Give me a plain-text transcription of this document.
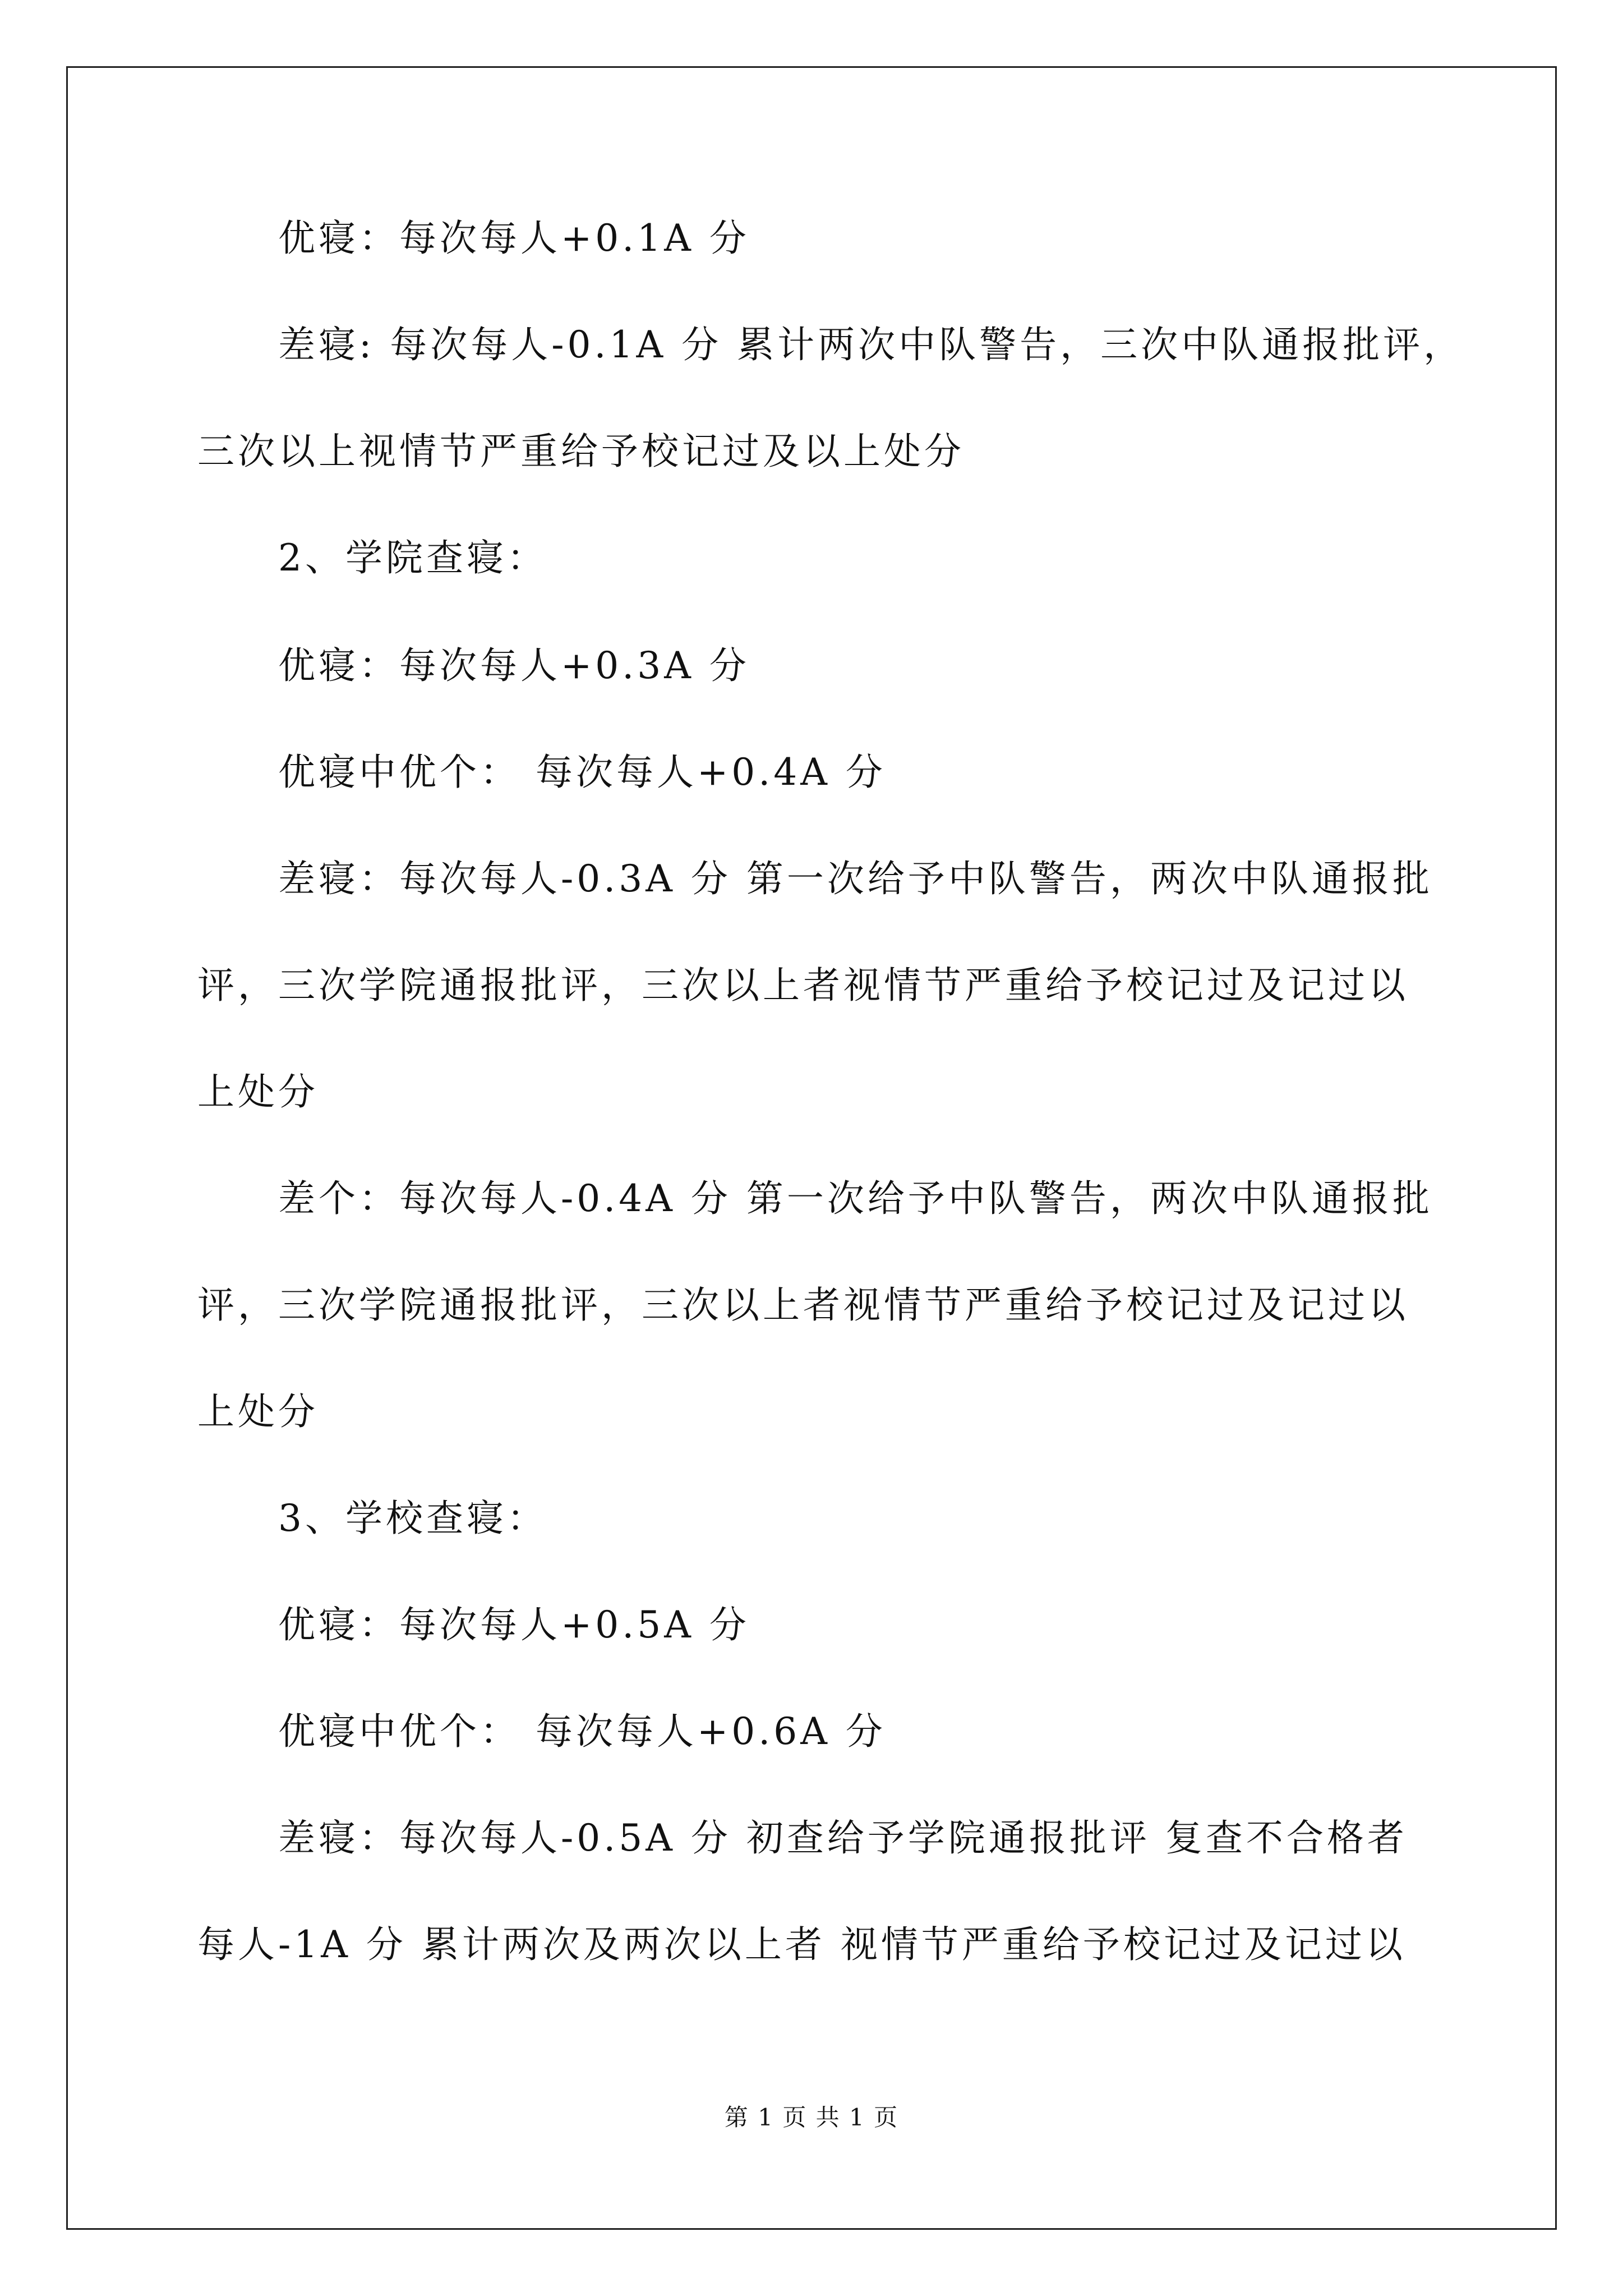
优寝：每次每人+0.1A 分
差寝: 每次每人-0.1A 分 累计两次中队警告，三次中队通报批评，
三次以上视情节严重给予校记过及以上处分
2、学院查寝：
优寝：每次每人+0.3A 分
优寝中优个： 每次每人+0.4A 分
差寝：每次每人-0.3A 分 第一次给予中队警告，两次中队通报批
评，三次学院通报批评，三次以上者视情节严重给予校记过及记过以
上处分
差个：每次每人-0.4A 分 第一次给予中队警告，两次中队通报批
评，三次学院通报批评，三次以上者视情节严重给予校记过及记过以
上处分
3、学校查寝：
优寝：每次每人+0.5A 分
优寝中优个： 每次每人+0.6A 分
差寝：每次每人-0.5A 分 初查给予学院通报批评 复查不合格者
每人-1A 分 累计两次及两次以上者 视情节严重给予校记过及记过以
第 1 页 共 1 页
